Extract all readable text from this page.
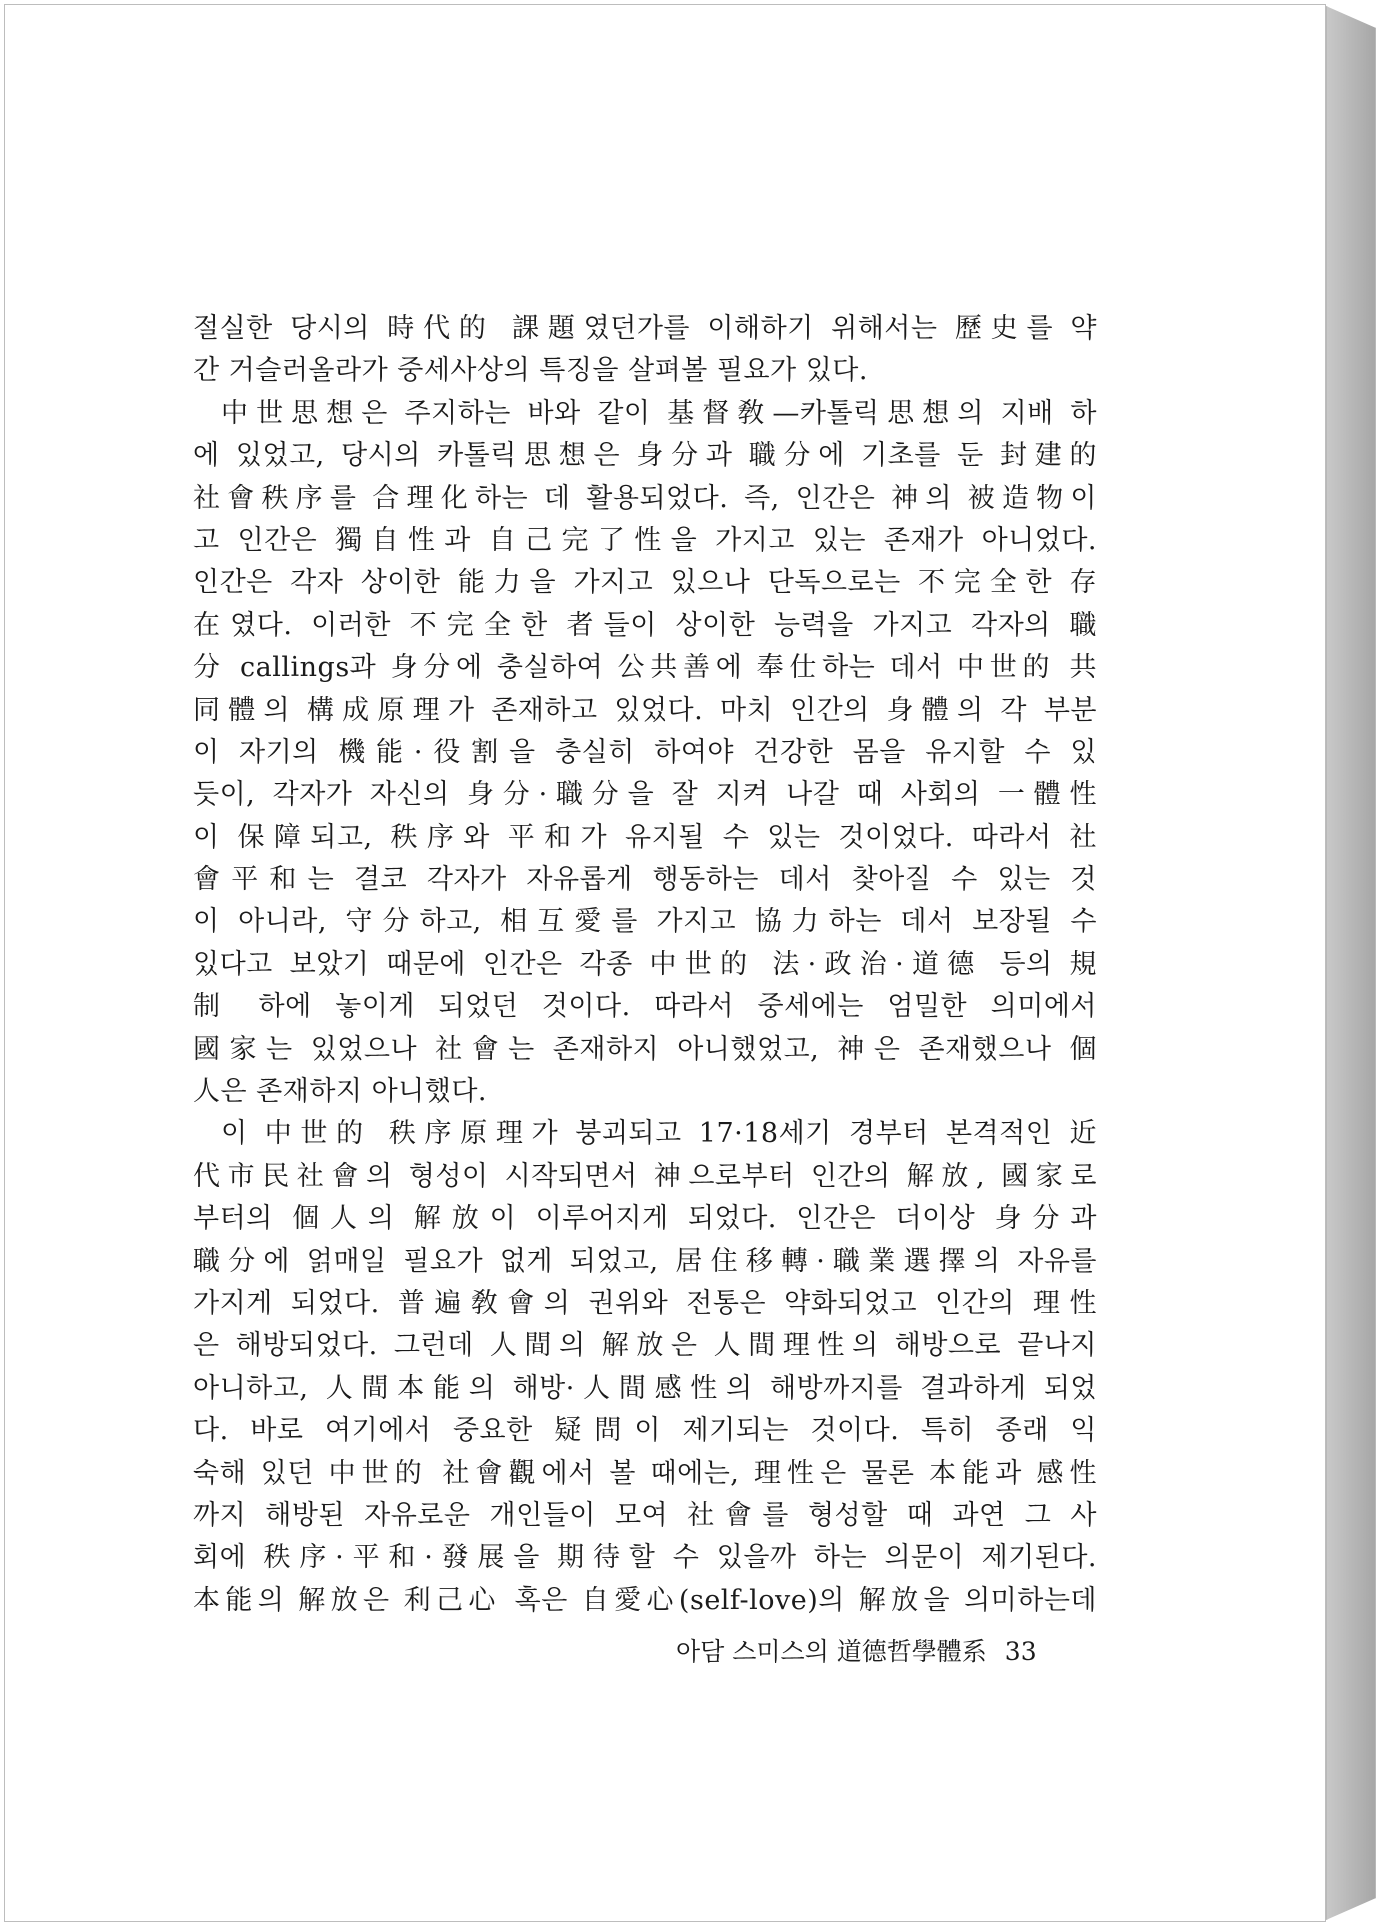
절실한 당시의 時代的 課題였던가를 이해하기 위해서는 歷史를 약
간 거슬러올라가 중세사상의 특징을 살펴볼 필요가 있다.
中世思想은 주지하는 바와 같이 基督敎—카톨릭思想의 지배 하
에 있었고, 당시의 카톨릭思想은 身分과 職分에 기초를 둔 封建的
社會秩序를 合理化하는 데 활용되었다. 즉, 인간은 神의 被造物이
고 인간은 獨自性과 自己完了性을 가지고 있는 존재가 아니었다.
인간은 각자 상이한 能力을 가지고 있으나 단독으로는 不完全한 存
在였다. 이러한 不完全한 者들이 상이한 능력을 가지고 각자의 職
分 callings과 身分에 충실하여 公共善에 奉仕하는 데서 中世的 共
同體의 構成原理가 존재하고 있었다. 마치 인간의 身體의 각 부분
이 자기의 機能·役割을 충실히 하여야 건강한 몸을 유지할 수 있
듯이, 각자가 자신의 身分·職分을 잘 지켜 나갈 때 사회의 一體性
이 保障되고, 秩序와 平和가 유지될 수 있는 것이었다. 따라서 社
會平和는 결코 각자가 자유롭게 행동하는 데서 찾아질 수 있는 것
이 아니라, 守分하고, 相互愛를 가지고 協力하는 데서 보장될 수
있다고 보았기 때문에 인간은 각종 中世的 法·政治·道德 등의 規
制 하에 놓이게 되었던 것이다. 따라서 중세에는 엄밀한 의미에서
國家는 있었으나 社會는 존재하지 아니했었고, 神은 존재했으나 個
人은 존재하지 아니했다.
이 中世的 秩序原理가 붕괴되고 17·18세기 경부터 본격적인 近
代市民社會의 형성이 시작되면서 神으로부터 인간의 解放, 國家로
부터의 個人의 解放이 이루어지게 되었다. 인간은 더이상 身分과
職分에 얽매일 필요가 없게 되었고, 居住移轉·職業選擇의 자유를
가지게 되었다. 普遍敎會의 권위와 전통은 약화되었고 인간의 理性
은 해방되었다. 그런데 人間의 解放은 人間理性의 해방으로 끝나지
아니하고, 人間本能의 해방·人間感性의 해방까지를 결과하게 되었
다. 바로 여기에서 중요한 疑問이 제기되는 것이다. 특히 종래 익
숙해 있던 中世的 社會觀에서 볼 때에는, 理性은 물론 本能과 感性
까지 해방된 자유로운 개인들이 모여 社會를 형성할 때 과연 그 사
회에 秩序·平和·發展을 期待할 수 있을까 하는 의문이 제기된다.
本能의 解放은 利己心 혹은 自愛心(self-love)의 解放을 의미하는데
아담 스미스의 道德哲學體系 33
